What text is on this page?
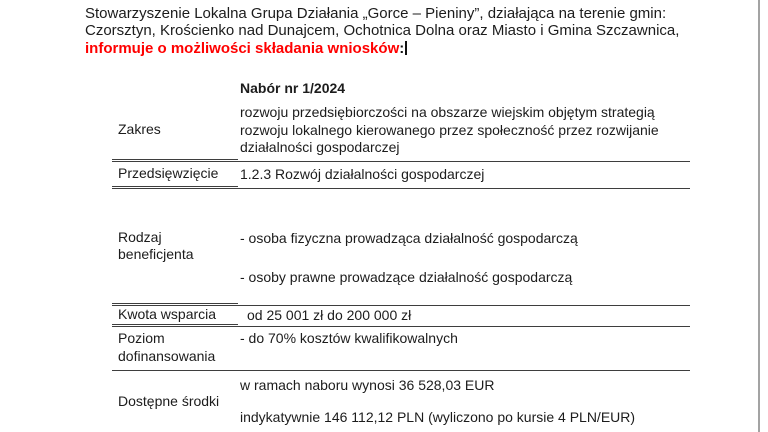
Stowarzyszenie Lokalna Grupa Działania „Gorce – Pieniny”, działająca na terenie gmin:
Czorsztyn, Krościenko nad Dunajcem, Ochotnica Dolna oraz Miasto i Gmina Szczawnica,
informuje o możliwości składania wniosków:
Nabór nr 1/2024
Zakres
rozwoju przedsiębiorczości na obszarze wiejskim objętym strategią
rozwoju lokalnego kierowanego przez społeczność przez rozwijanie
działalności gospodarczej
Przedsięwzięcie	1.2.3 Rozwój działalności gospodarczej
Rodzaj beneficjenta
- osoba fizyczna prowadząca działalność gospodarczą
- osoby prawne prowadzące działalność gospodarczą
Kwota wsparcia	od 25 001 zł do 200 000 zł
Poziom dofinansowania
- do 70% kosztów kwalifikowalnych
Dostępne środki
w ramach naboru wynosi 36 528,03 EUR
indykatywnie 146 112,12 PLN (wyliczono po kursie 4 PLN/EUR)
